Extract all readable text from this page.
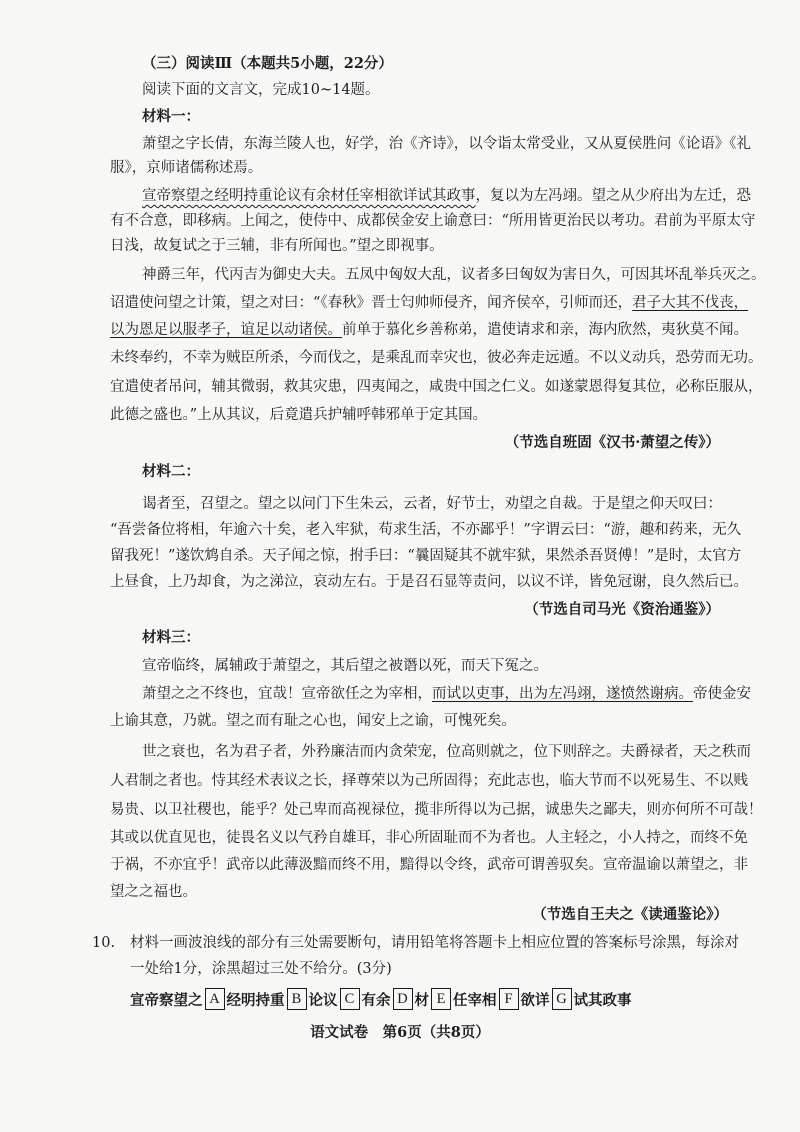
（三）阅读Ⅲ（本题共5小题，22分）
阅读下面的文言文，完成10~14题。
材料一：
萧望之字长倩，东海兰陵人也，好学，治《齐诗》，以令诣太常受业，又从夏侯胜问《论语》《礼
服》，京师诸儒称述焉。
宣帝察望之经明持重论议有余材任宰相欲详试其政事，复以为左冯翊。望之从少府出为左迁，恐
有不合意，即移病。上闻之，使侍中、成都侯金安上谕意曰：“所用皆更治民以考功。君前为平原太守
日浅，故复试之于三辅，非有所闻也。”望之即视事。
神爵三年，代丙吉为御史大夫。五凤中匈奴大乱，议者多曰匈奴为害日久，可因其坏乱举兵灭之。
诏遣使问望之计策，望之对曰：“《春秋》晋士匄帅师侵齐，闻齐侯卒，引师而还，君子大其不伐丧，
以为恩足以服孝子，谊足以动诸侯。前单于慕化乡善称弟，遣使请求和亲，海内欣然，夷狄莫不闻。
未终奉约，不幸为贼臣所杀，今而伐之，是乘乱而幸灾也，彼必奔走远遁。不以义动兵，恐劳而无功。
宜遣使者吊问，辅其微弱，救其灾患，四夷闻之，咸贵中国之仁义。如遂蒙恩得复其位，必称臣服从，
此德之盛也。”上从其议，后竟遣兵护辅呼韩邪单于定其国。
（节选自班固《汉书·萧望之传》）
材料二：
谒者至，召望之。望之以问门下生朱云，云者，好节士，劝望之自裁。于是望之仰天叹曰：
“吾尝备位将相，年逾六十矣，老入牢狱，苟求生活，不亦鄙乎！”字谓云曰：“游，趣和药来，无久
留我死！”遂饮鸩自杀。天子闻之惊，拊手曰：“曩固疑其不就牢狱，果然杀吾贤傅！”是时，太官方
上昼食，上乃却食，为之涕泣，哀动左右。于是召石显等责问，以议不详，皆免冠谢，良久然后已。
（节选自司马光《资治通鉴》）
材料三：
宣帝临终，属辅政于萧望之，其后望之被谮以死，而天下冤之。
萧望之之不终也，宜哉！宣帝欲任之为宰相，而试以吏事，出为左冯翊，遂愤然谢病。帝使金安
上谕其意，乃就。望之而有耻之心也，闻安上之谕，可愧死矣。
世之衰也，名为君子者，外矜廉洁而内贪荣宠，位高则就之，位下则辞之。夫爵禄者，天之秩而
人君制之者也。恃其经术表议之长，择尊荣以为己所固得；充此志也，临大节而不以死易生、不以贱
易贵、以卫社稷也，能乎？处己卑而高视禄位，揽非所得以为己据，诚患失之鄙夫，则亦何所不可哉！
其或以优直见也，徒畏名义以气矜自雄耳，非心所固耻而不为者也。人主轻之，小人持之，而终不免
于祸，不亦宜乎！武帝以此薄汲黯而终不用，黯得以令终，武帝可谓善驭矣。宣帝温谕以萧望之，非
望之之福也。
（节选自王夫之《读通鉴论》）
10. 材料一画波浪线的部分有三处需要断句，请用铅笔将答题卡上相应位置的答案标号涂黑，每涂对
一处给1分，涂黑超过三处不给分。(3分)
宣帝察望之 A 经明持重 B 论议 C 有余 D 材 E 任宰相 F 欲详 G 试其政事
语文试卷　第6页（共8页）
